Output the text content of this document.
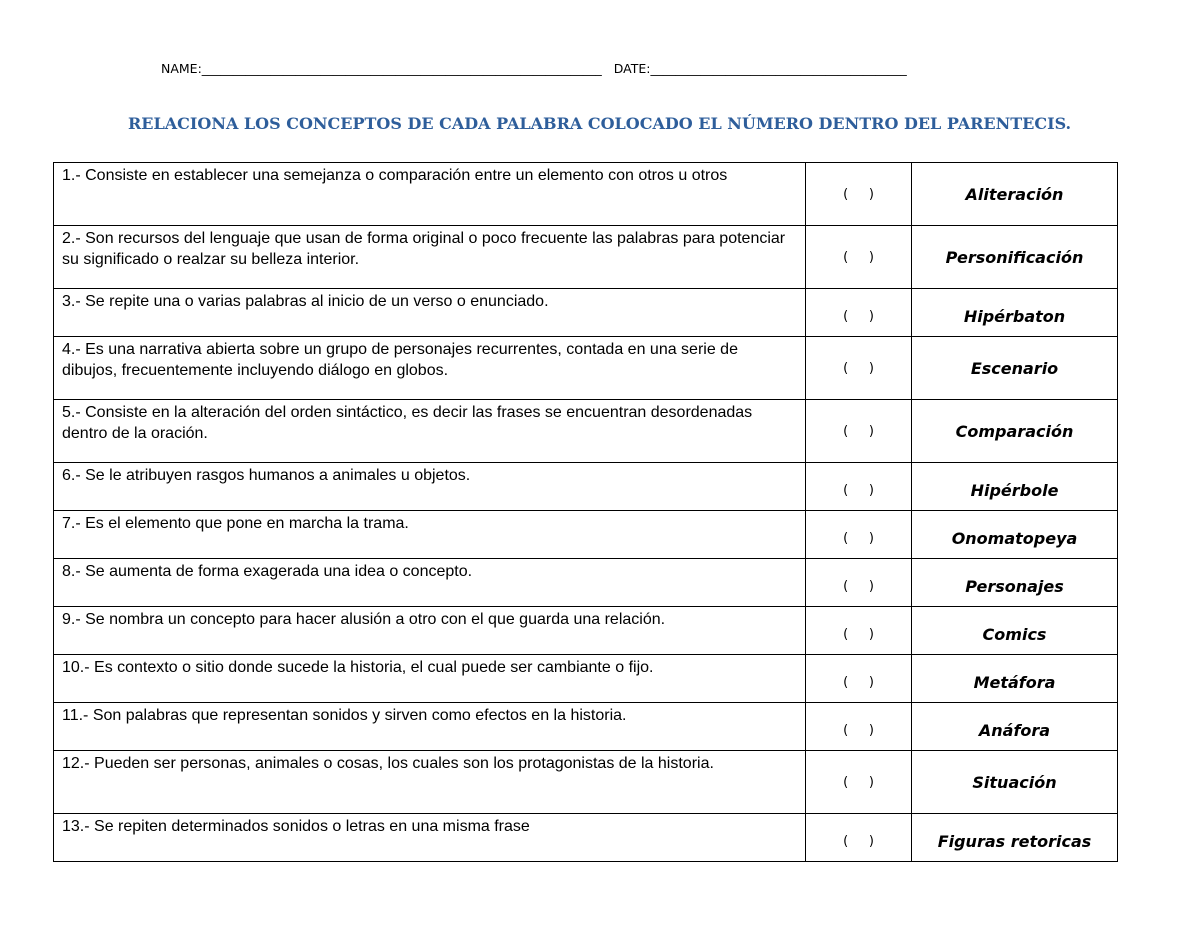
NAME:________________________________________________________________ DATE:_________________________________________
RELACIONA LOS CONCEPTOS DE CADA PALABRA COLOCADO EL NÚMERO DENTRO DEL PARENTECIS.
1.- Consiste en establecer una semejanza o comparación entre un elemento con otros u otros	(     )	Aliteración
2.- Son recursos del lenguaje que usan de forma original o poco frecuente las palabras para potenciar su significado o realzar su belleza interior.	(     )	Personificación
3.- Se repite una o varias palabras al inicio de un verso o enunciado.	(     )	Hipérbaton
4.- Es una narrativa abierta sobre un grupo de personajes recurrentes, contada en una serie de dibujos, frecuentemente incluyendo diálogo en globos.	(     )	Escenario
5.- Consiste en la alteración del orden sintáctico, es decir las frases se encuentran desordenadas dentro de la oración.	(     )	Comparación
6.- Se le atribuyen rasgos humanos a animales u objetos.	(     )	Hipérbole
7.- Es el elemento que pone en marcha la trama.	(     )	Onomatopeya
8.- Se aumenta de forma exagerada una idea o concepto.	(     )	Personajes
9.- Se nombra un concepto para hacer alusión a otro con el que guarda una relación.	(     )	Comics
10.- Es contexto o sitio donde sucede la historia, el cual puede ser cambiante o fijo.	(     )	Metáfora
11.- Son palabras que representan sonidos y sirven como efectos en la historia.	(     )	Anáfora
12.- Pueden ser personas, animales o cosas, los cuales son los protagonistas de la historia.	(     )	Situación
13.- Se repiten determinados sonidos o letras en una misma frase	(     )	Figuras retoricas
